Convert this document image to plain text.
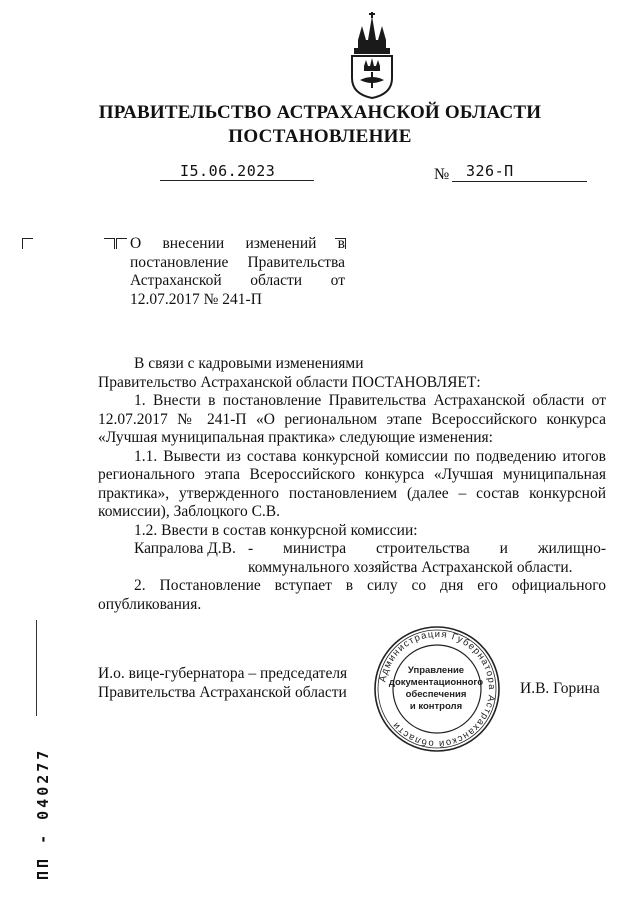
ПРАВИТЕЛЬСТВО АСТРАХАНСКОЙ ОБЛАСТИ
ПОСТАНОВЛЕНИЕ
I5.06.2023	№ 326-П
О внесении изменений в постановление Правительства Астраханской области от 12.07.2017 № 241-П

В связи с кадровыми изменениями

Правительство Астраханской области ПОСТАНОВЛЯЕТ:

1. Внести в постановление Правительства Астраханской области от 12.07.2017 № 241-П «О региональном этапе Всероссийского конкурса «Лучшая муниципальная практика» следующие изменения:

1.1. Вывести из состава конкурсной комиссии по подведению итогов регионального этапа Всероссийского конкурса «Лучшая муниципальная практика», утвержденного постановлением (далее – состав конкурсной комиссии), Заблоцкого С.В.

1.2. Ввести в состав конкурсной комиссии:

Капралова Д.В. - министра строительства и жилищно-
коммунального хозяйства Астраханской области.

2. Постановление вступает в силу со дня его официального опубликования.

И.о. вице-губернатора – председателя
Правительства Астраханской области	И.В. Горина
Администрация Губернатора Астраханской области
Управление
документационного
обеспечения
и контроля
ПП - 040277
